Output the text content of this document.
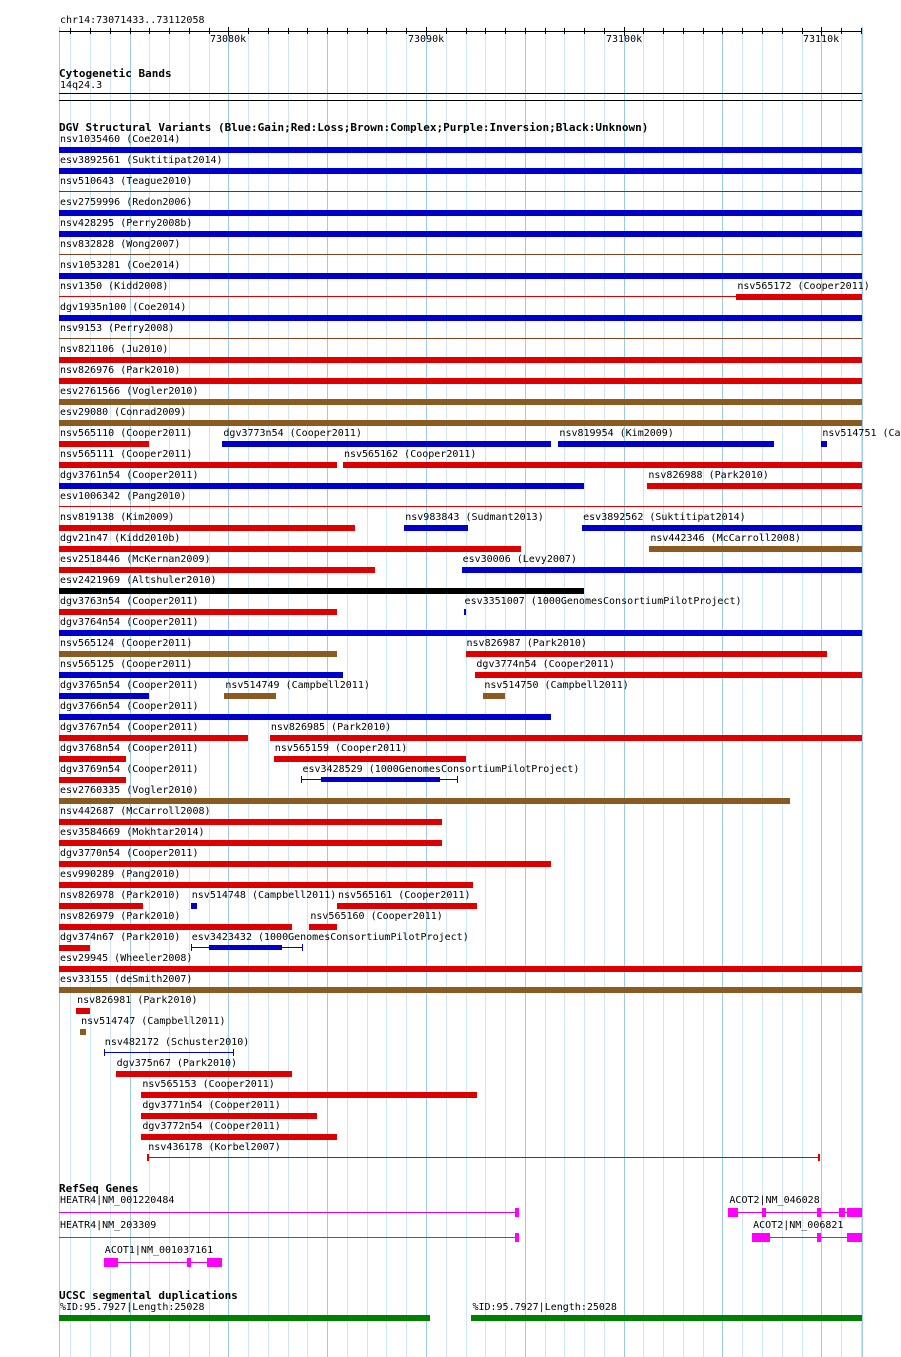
chr14:73071433..73112058
73080k	73090k	73100k	73110k
Cytogenetic Bands
14q24.3
DGV Structural Variants (Blue:Gain;Red:Loss;Brown:Complex;Purple:Inversion;Black:Unknown)
nsv1035460 (Coe2014)
esv3892561 (Suktitipat2014)
nsv510643 (Teague2010)
esv2759996 (Redon2006)
nsv428295 (Perry2008b)
nsv832828 (Wong2007)
nsv1053281 (Coe2014)
nsv1350 (Kidd2008)	nsv565172 (Cooper2011)
dgv1935n100 (Coe2014)
nsv9153 (Perry2008)
nsv821106 (Ju2010)
nsv826976 (Park2010)
esv2761566 (Vogler2010)
esv29080 (Conrad2009)
nsv565110 (Cooper2011)	dgv3773n54 (Cooper2011)	nsv819954 (Kim2009)	nsv514751 (Ca
nsv565111 (Cooper2011)	nsv565162 (Cooper2011)
dgv3761n54 (Cooper2011)	nsv826988 (Park2010)
esv1006342 (Pang2010)
nsv819138 (Kim2009)	nsv983843 (Sudmant2013)	esv3892562 (Suktitipat2014)
dgv21n47 (Kidd2010b)	nsv442346 (McCarroll2008)
esv2518446 (McKernan2009)	esv30006 (Levy2007)
esv2421969 (Altshuler2010)
dgv3763n54 (Cooper2011)	esv3351007 (1000GenomesConsortiumPilotProject)
dgv3764n54 (Cooper2011)
nsv565124 (Cooper2011)	nsv826987 (Park2010)
nsv565125 (Cooper2011)	dgv3774n54 (Cooper2011)
dgv3765n54 (Cooper2011)	nsv514749 (Campbell2011)	nsv514750 (Campbell2011)
dgv3766n54 (Cooper2011)
dgv3767n54 (Cooper2011)	nsv826985 (Park2010)
dgv3768n54 (Cooper2011)	nsv565159 (Cooper2011)
dgv3769n54 (Cooper2011)	esv3428529 (1000GenomesConsortiumPilotProject)
esv2760335 (Vogler2010)
nsv442687 (McCarroll2008)
esv3584669 (Mokhtar2014)
dgv3770n54 (Cooper2011)
esv990289 (Pang2010)
nsv826978 (Park2010) nsv514748 (Campbell2011) nsv565161 (Cooper2011)
nsv826979 (Park2010)	nsv565160 (Cooper2011)
dgv374n67 (Park2010) esv3423432 (1000GenomesConsortiumPilotProject)
esv29945 (Wheeler2008)
esv33155 (deSmith2007)
nsv826981 (Park2010)
nsv514747 (Campbell2011)
nsv482172 (Schuster2010)
dgv375n67 (Park2010)
nsv565153 (Cooper2011)
dgv3771n54 (Cooper2011)
dgv3772n54 (Cooper2011)
nsv436178 (Korbel2007)
RefSeq Genes
HEATR4|NM_001220484	ACOT2|NM_046028
HEATR4|NM_203309	ACOT2|NM_006821
ACOT1|NM_001037161
UCSC segmental duplications
%ID:95.7927|Length:25028	%ID:95.7927|Length:25028
